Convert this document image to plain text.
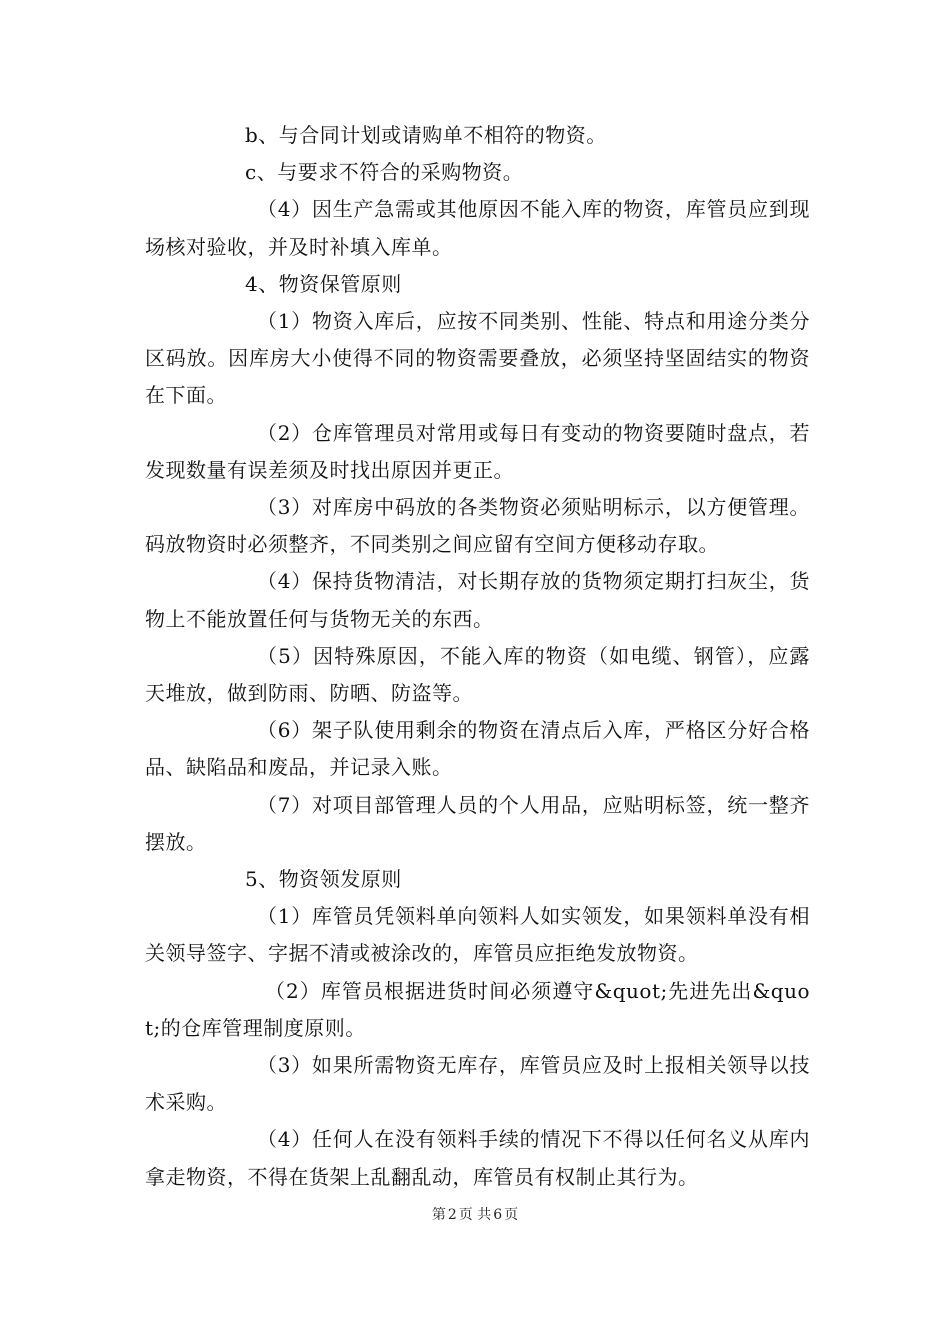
b、与合同计划或请购单不相符的物资。

c、与要求不符合的采购物资。

（4）因生产急需或其他原因不能入库的物资，库管员应到现场核对验收，并及时补填入库单。

4、物资保管原则

（1）物资入库后，应按不同类别、性能、特点和用途分类分区码放。因库房大小使得不同的物资需要叠放，必须坚持坚固结实的物资在下面。

（2）仓库管理员对常用或每日有变动的物资要随时盘点，若发现数量有误差须及时找出原因并更正。

（3）对库房中码放的各类物资必须贴明标示，以方便管理。码放物资时必须整齐，不同类别之间应留有空间方便移动存取。

（4）保持货物清洁，对长期存放的货物须定期打扫灰尘，货物上不能放置任何与货物无关的东西。

（5）因特殊原因，不能入库的物资（如电缆、钢管），应露天堆放，做到防雨、防晒、防盗等。

（6）架子队使用剩余的物资在清点后入库，严格区分好合格品、缺陷品和废品，并记录入账。

（7）对项目部管理人员的个人用品，应贴明标签，统一整齐摆放。

5、物资领发原则

（1）库管员凭领料单向领料人如实领发，如果领料单没有相关领导签字、字据不清或被涂改的，库管员应拒绝发放物资。

（2）库管员根据进货时间必须遵守&quot;先进先出&quot;的仓库管理制度原则。

（3）如果所需物资无库存，库管员应及时上报相关领导以技术采购。

（4）任何人在没有领料手续的情况下不得以任何名义从库内拿走物资，不得在货架上乱翻乱动，库管员有权制止其行为。

第 2 页 共 6 页
